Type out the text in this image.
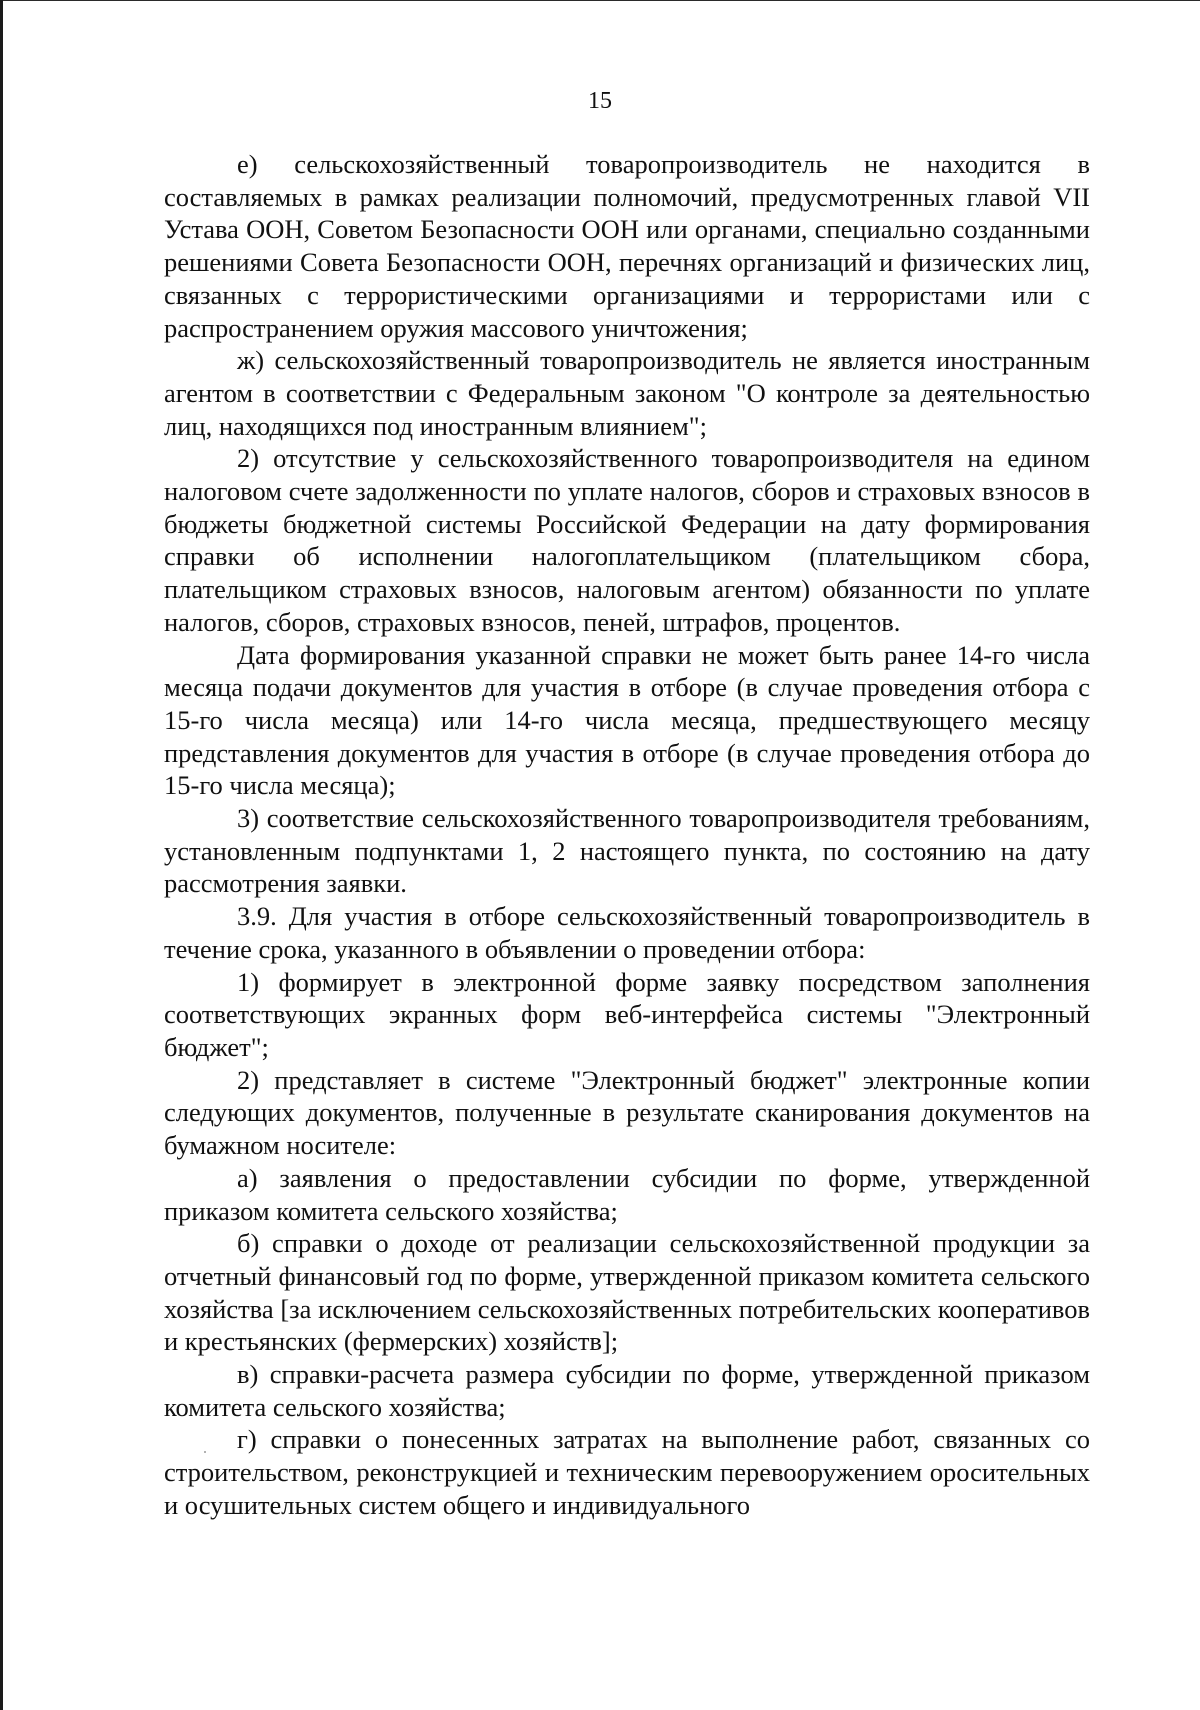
15

е) сельскохозяйственный товаропроизводитель не находится в составляемых в рамках реализации полномочий, предусмотренных главой VII Устава ООН, Советом Безопасности ООН или органами, специально созданными решениями Совета Безопасности ООН, перечнях организаций и физических лиц, связанных с террористическими организациями и террористами или с распространением оружия массового уничтожения;

ж) сельскохозяйственный товаропроизводитель не является иностранным агентом в соответствии с Федеральным законом "О контроле за деятельностью лиц, находящихся под иностранным влиянием";

2) отсутствие у сельскохозяйственного товаропроизводителя на едином налоговом счете задолженности по уплате налогов, сборов и страховых взносов в бюджеты бюджетной системы Российской Федерации на дату формирования справки об исполнении налогоплательщиком (плательщиком сбора, плательщиком страховых взносов, налоговым агентом) обязанности по уплате налогов, сборов, страховых взносов, пеней, штрафов, процентов.

Дата формирования указанной справки не может быть ранее 14-го числа месяца подачи документов для участия в отборе (в случае проведения отбора с 15-го числа месяца) или 14-го числа месяца, предшествующего месяцу представления документов для участия в отборе (в случае проведения отбора до 15-го числа месяца);

3) соответствие сельскохозяйственного товаропроизводителя требованиям, установленным подпунктами 1, 2 настоящего пункта, по состоянию на дату рассмотрения заявки.

3.9. Для участия в отборе сельскохозяйственный товаропроизводитель в течение срока, указанного в объявлении о проведении отбора:

1) формирует в электронной форме заявку посредством заполнения соответствующих экранных форм веб-интерфейса системы "Электронный бюджет";

2) представляет в системе "Электронный бюджет" электронные копии следующих документов, полученные в результате сканирования документов на бумажном носителе:

а) заявления о предоставлении субсидии по форме, утвержденной приказом комитета сельского хозяйства;

б) справки о доходе от реализации сельскохозяйственной продукции за отчетный финансовый год по форме, утвержденной приказом комитета сельского хозяйства [за исключением сельскохозяйственных потребительских кооперативов и крестьянских (фермерских) хозяйств];

в) справки-расчета размера субсидии по форме, утвержденной приказом комитета сельского хозяйства;

г) справки о понесенных затратах на выполнение работ, связанных со строительством, реконструкцией и техническим перевооружением оросительных и осушительных систем общего и индивидуального
